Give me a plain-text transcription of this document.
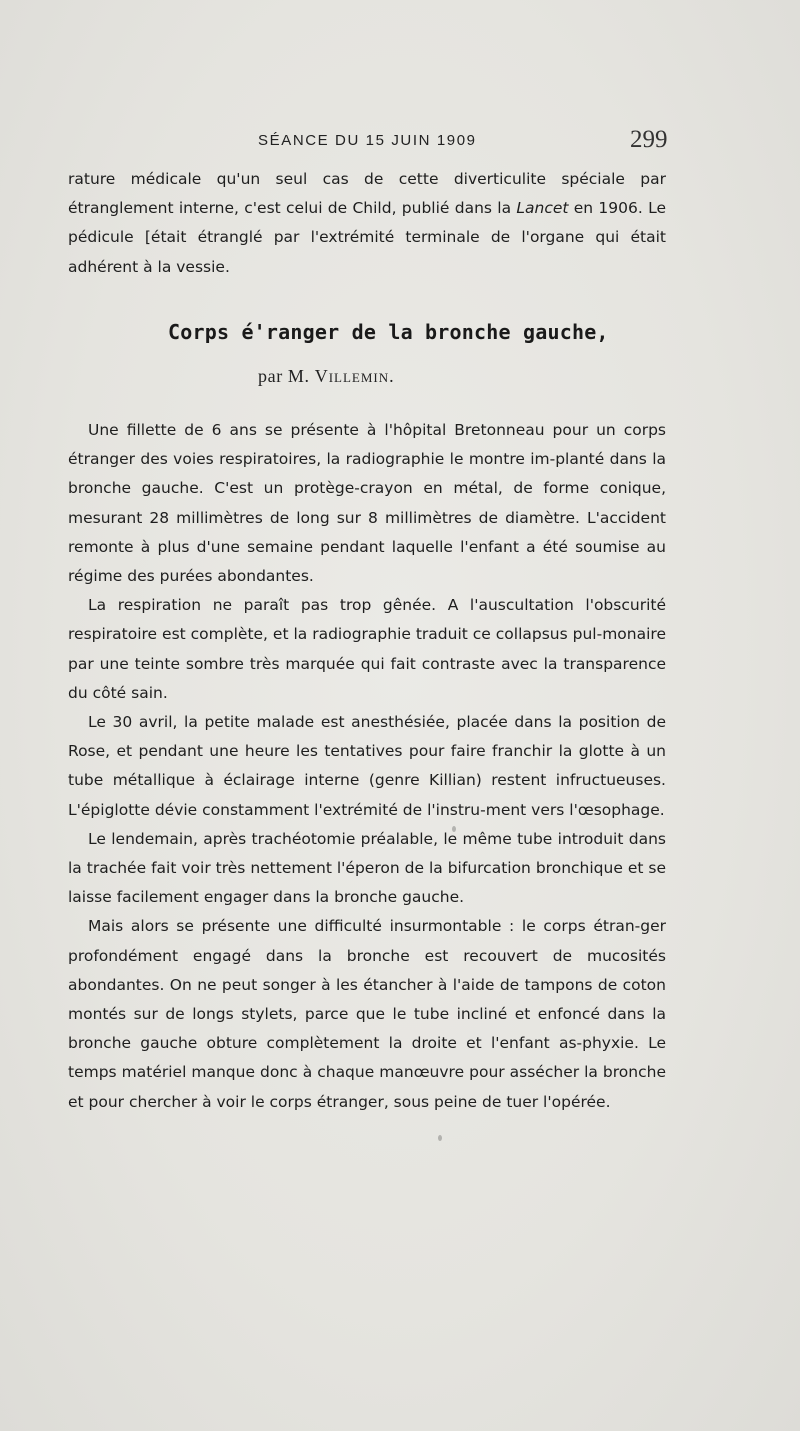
SÉANCE DU 15 JUIN 1909	299

rature médicale qu'un seul cas de cette diverticulite spéciale par étranglement interne, c'est celui de Child, publié dans la Lancet en 1906. Le pédicule [était étranglé par l'extrémité terminale de l'organe qui était adhérent à la vessie.

Corps é'ranger de la bronche gauche,
par M. Villemin.

Une fillette de 6 ans se présente à l'hôpital Bretonneau pour un corps étranger des voies respiratoires, la radiographie le montre im-planté dans la bronche gauche. C'est un protège-crayon en métal, de forme conique, mesurant 28 millimètres de long sur 8 millimètres de diamètre. L'accident remonte à plus d'une semaine pendant laquelle l'enfant a été soumise au régime des purées abondantes.

La respiration ne paraît pas trop gênée. A l'auscultation l'obscurité respiratoire est complète, et la radiographie traduit ce collapsus pul-monaire par une teinte sombre très marquée qui fait contraste avec la transparence du côté sain.

Le 30 avril, la petite malade est anesthésiée, placée dans la position de Rose, et pendant une heure les tentatives pour faire franchir la glotte à un tube métallique à éclairage interne (genre Killian) restent infructueuses. L'épiglotte dévie constamment l'extrémité de l'instru-ment vers l'œsophage.

Le lendemain, après trachéotomie préalable, le même tube introduit dans la trachée fait voir très nettement l'éperon de la bifurcation bronchique et se laisse facilement engager dans la bronche gauche.

Mais alors se présente une difficulté insurmontable : le corps étran-ger profondément engagé dans la bronche est recouvert de mucosités abondantes. On ne peut songer à les étancher à l'aide de tampons de coton montés sur de longs stylets, parce que le tube incliné et enfoncé dans la bronche gauche obture complètement la droite et l'enfant as-phyxie. Le temps matériel manque donc à chaque manœuvre pour assécher la bronche et pour chercher à voir le corps étranger, sous peine de tuer l'opérée.
